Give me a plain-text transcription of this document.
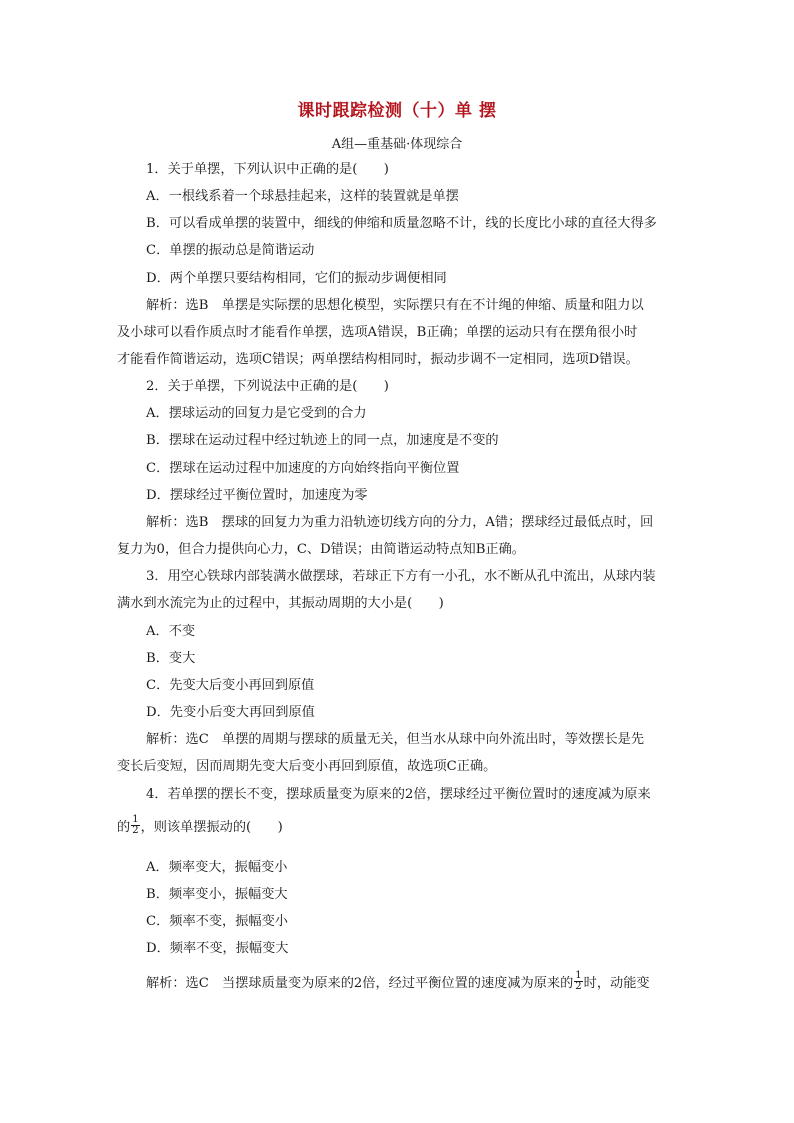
课时跟踪检测（十）单 摆
A组—重基础·体现综合
1．关于单摆，下列认识中正确的是(　　)
A．一根线系着一个球悬挂起来，这样的装置就是单摆
B．可以看成单摆的装置中，细线的伸缩和质量忽略不计，线的长度比小球的直径大得多
C．单摆的振动总是简谐运动
D．两个单摆只要结构相同，它们的振动步调便相同
解析：选B　单摆是实际摆的思想化模型，实际摆只有在不计绳的伸缩、质量和阻力以
及小球可以看作质点时才能看作单摆，选项A错误，B正确；单摆的运动只有在摆角很小时
才能看作简谐运动，选项C错误；两单摆结构相同时，振动步调不一定相同，选项D错误。
2．关于单摆，下列说法中正确的是(　　)
A．摆球运动的回复力是它受到的合力
B．摆球在运动过程中经过轨迹上的同一点，加速度是不变的
C．摆球在运动过程中加速度的方向始终指向平衡位置
D．摆球经过平衡位置时，加速度为零
解析：选B　摆球的回复力为重力沿轨迹切线方向的分力，A错；摆球经过最低点时，回
复力为0，但合力提供向心力，C、D错误；由简谐运动特点知B正确。
3．用空心铁球内部装满水做摆球，若球正下方有一小孔，水不断从孔中流出，从球内装
满水到水流完为止的过程中，其振动周期的大小是(　　)
A．不变
B．变大
C．先变大后变小再回到原值
D．先变小后变大再回到原值
解析：选C　单摆的周期与摆球的质量无关，但当水从球中向外流出时，等效摆长是先
变长后变短，因而周期先变大后变小再回到原值，故选项C正确。
4．若单摆的摆长不变，摆球质量变为原来的2倍，摆球经过平衡位置时的速度减为原来
的 $\frac{1}{2}$ ，则该单摆振动的(　　)
A．频率变大，振幅变小
B．频率变小，振幅变大
C．频率不变，振幅变小
D．频率不变，振幅变大
解析：选C　当摆球质量变为原来的2倍，经过平衡位置的速度减为原来的 $\frac{1}{2}$ 时，动能变
